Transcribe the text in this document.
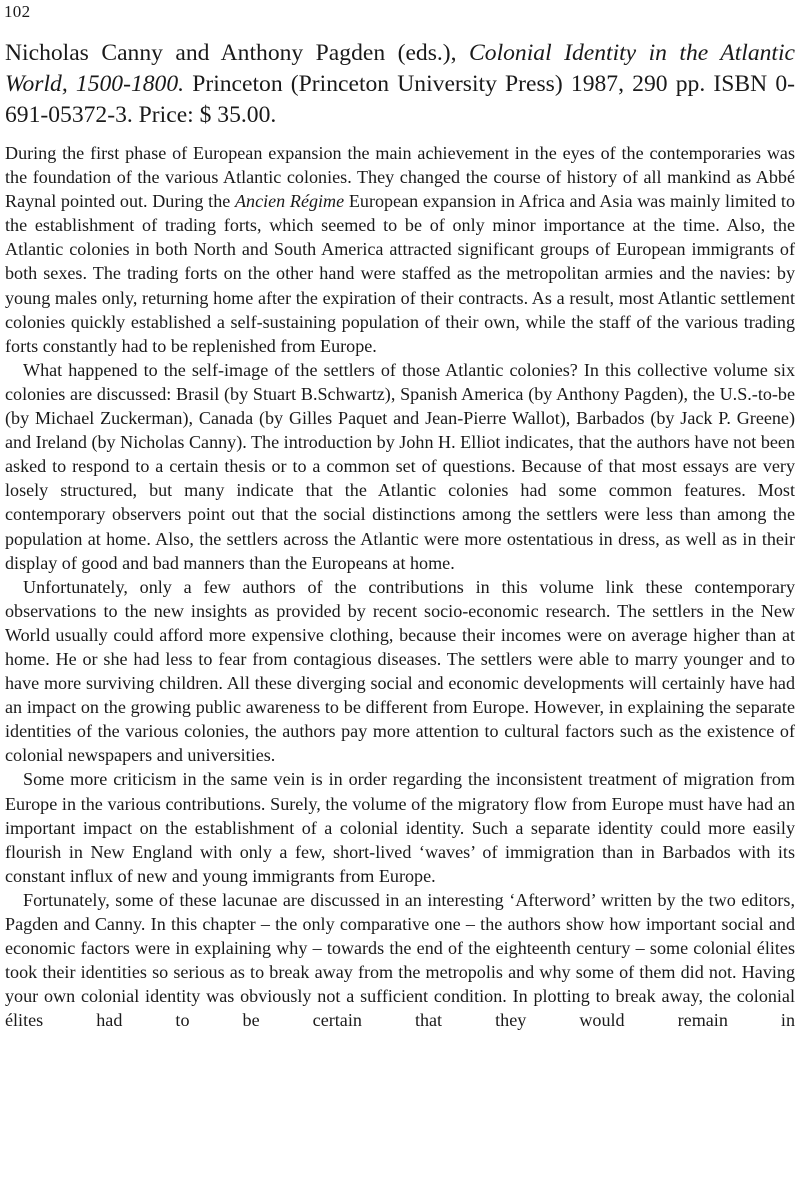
102
Nicholas Canny and Anthony Pagden (eds.), Colonial Identity in the Atlantic World, 1500-1800. Princeton (Princeton University Press) 1987, 290 pp. ISBN 0-691-05372-3. Price: $ 35.00.

During the first phase of European expansion the main achievement in the eyes of the contemporaries was the foundation of the various Atlantic colonies. They changed the course of history of all mankind as Abbé Raynal pointed out. During the Ancien Régime European expansion in Africa and Asia was mainly limited to the establishment of trading forts, which seemed to be of only minor importance at the time. Also, the Atlantic colonies in both North and South America attracted significant groups of European immigrants of both sexes. The trading forts on the other hand were staffed as the metropolitan armies and the navies: by young males only, returning home after the expiration of their contracts. As a result, most Atlantic settlement colonies quickly established a self-sustaining population of their own, while the staff of the various trading forts constantly had to be replenished from Europe.

What happened to the self-image of the settlers of those Atlantic colonies? In this collective volume six colonies are discussed: Brasil (by Stuart B.Schwartz), Spanish America (by Anthony Pagden), the U.S.-to-be (by Michael Zuckerman), Canada (by Gilles Paquet and Jean-Pierre Wallot), Barbados (by Jack P. Greene) and Ireland (by Nicholas Canny). The introduction by John H. Elliot indicates, that the authors have not been asked to respond to a certain thesis or to a common set of questions. Because of that most essays are very losely structured, but many indicate that the Atlantic colonies had some common features. Most contemporary observers point out that the social distinctions among the settlers were less than among the population at home. Also, the settlers across the Atlantic were more ostentatious in dress, as well as in their display of good and bad manners than the Europeans at home.

Unfortunately, only a few authors of the contributions in this volume link these contemporary observations to the new insights as provided by recent socio-economic research. The settlers in the New World usually could afford more expensive clothing, because their incomes were on average higher than at home. He or she had less to fear from contagious diseases. The settlers were able to marry younger and to have more surviving children. All these diverging social and economic developments will certainly have had an impact on the growing public awareness to be different from Europe. However, in explaining the separate identities of the various colonies, the authors pay more attention to cultural factors such as the existence of colonial newspapers and universities.

Some more criticism in the same vein is in order regarding the inconsistent treatment of migration from Europe in the various contributions. Surely, the volume of the migratory flow from Europe must have had an important impact on the establishment of a colonial identity. Such a separate identity could more easily flourish in New England with only a few, short-lived ‘waves’ of immigration than in Barbados with its constant influx of new and young immigrants from Europe.

Fortunately, some of these lacunae are discussed in an interesting ‘Afterword’ written by the two editors, Pagden and Canny. In this chapter – the only comparative one – the authors show how important social and economic factors were in explaining why – towards the end of the eighteenth century – some colonial élites took their identities so serious as to break away from the metropolis and why some of them did not. Having your own colonial identity was obviously not a sufficient condition. In plotting to break away, the colonial élites had to be certain that they would remain in
